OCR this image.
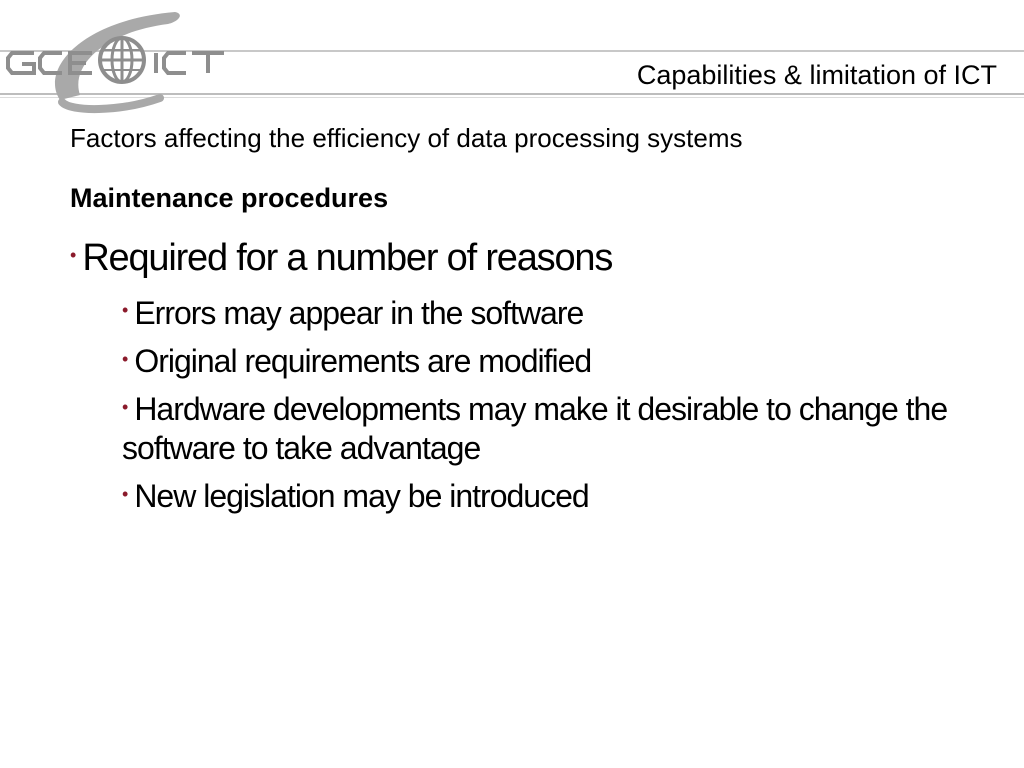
Capabilities & limitation of ICT
Factors affecting the efficiency of data processing systems
Maintenance procedures
• Required for a number of reasons
• Errors may appear in the software
• Original requirements are modified
• Hardware developments may make it desirable to change the software to take advantage
• New legislation may be introduced
